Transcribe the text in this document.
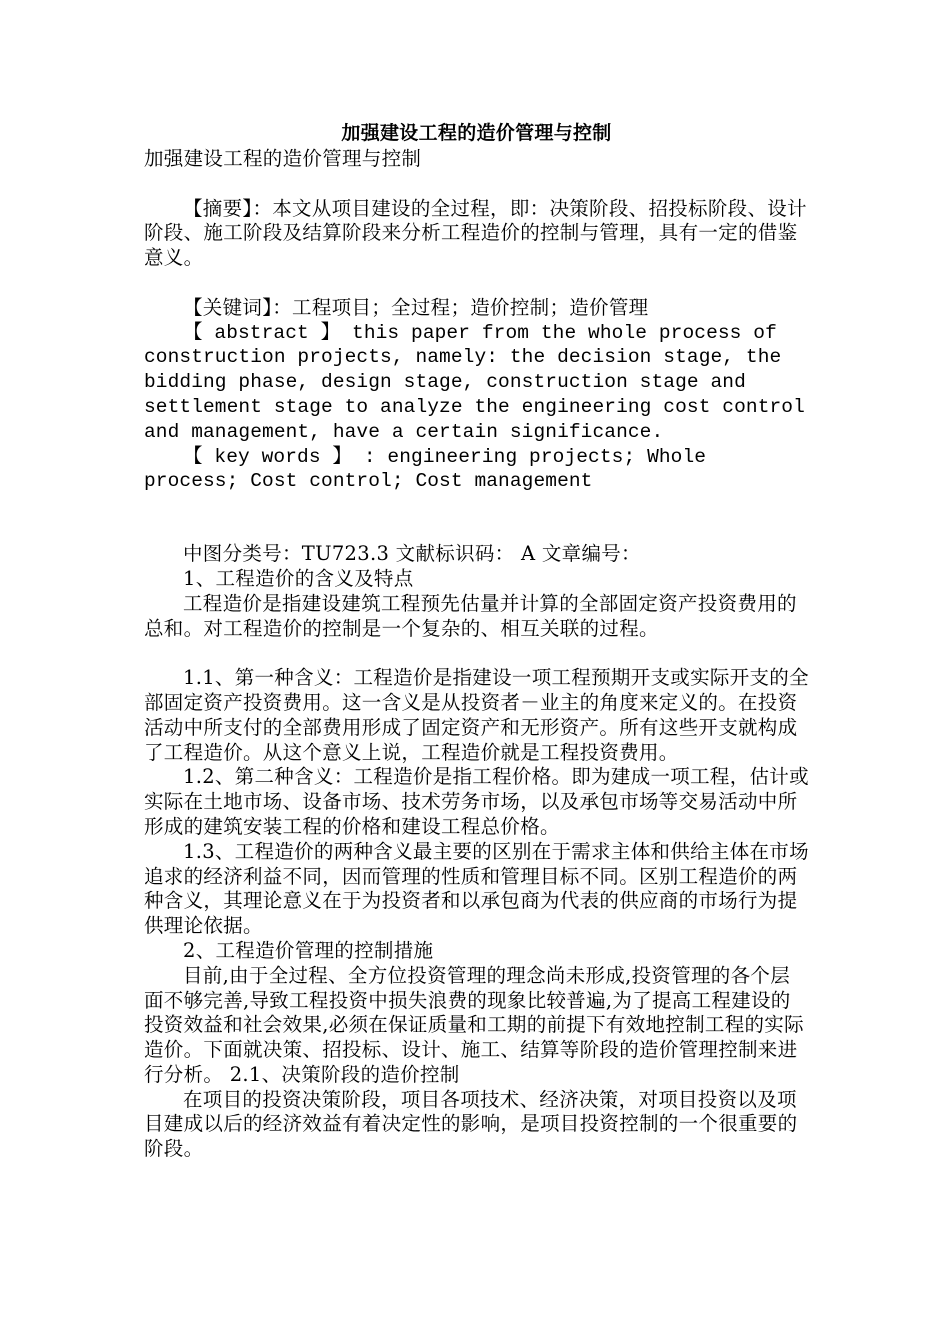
加强建设工程的造价管理与控制

加强建设工程的造价管理与控制

【摘要】：本文从项目建设的全过程，即：决策阶段、招投标阶段、设计阶段、施工阶段及结算阶段来分析工程造价的控制与管理，具有一定的借鉴意义。

【关键词】：工程项目；全过程；造价控制；造价管理

【 abstract 】 this paper from the whole process of construction projects, namely: the decision stage, the bidding phase, design stage, construction stage and settlement stage to analyze the engineering cost control and management, have a certain significance.

【 key words 】 : engineering projects; Whole process; Cost control; Cost management

中图分类号：TU723.3 文献标识码： A 文章编号：

1、工程造价的含义及特点

工程造价是指建设建筑工程预先估量并计算的全部固定资产投资费用的总和。对工程造价的控制是一个复杂的、相互关联的过程。

1.1、第一种含义：工程造价是指建设一项工程预期开支或实际开支的全部固定资产投资费用。这一含义是从投资者－业主的角度来定义的。在投资活动中所支付的全部费用形成了固定资产和无形资产。所有这些开支就构成了工程造价。从这个意义上说，工程造价就是工程投资费用。

1.2、第二种含义：工程造价是指工程价格。即为建成一项工程，估计或实际在土地市场、设备市场、技术劳务市场，以及承包市场等交易活动中所形成的建筑安装工程的价格和建设工程总价格。

1.3、工程造价的两种含义最主要的区别在于需求主体和供给主体在市场追求的经济利益不同，因而管理的性质和管理目标不同。区别工程造价的两种含义，其理论意义在于为投资者和以承包商为代表的供应商的市场行为提供理论依据。

2、工程造价管理的控制措施

目前,由于全过程、全方位投资管理的理念尚未形成,投资管理的各个层面不够完善,导致工程投资中损失浪费的现象比较普遍,为了提高工程建设的投资效益和社会效果,必须在保证质量和工期的前提下有效地控制工程的实际造价。下面就决策、招投标、设计、施工、结算等阶段的造价管理控制来进行分析。 2.1、决策阶段的造价控制

在项目的投资决策阶段，项目各项技术、经济决策，对项目投资以及项目建成以后的经济效益有着决定性的影响，是项目投资控制的一个很重要的阶段。
